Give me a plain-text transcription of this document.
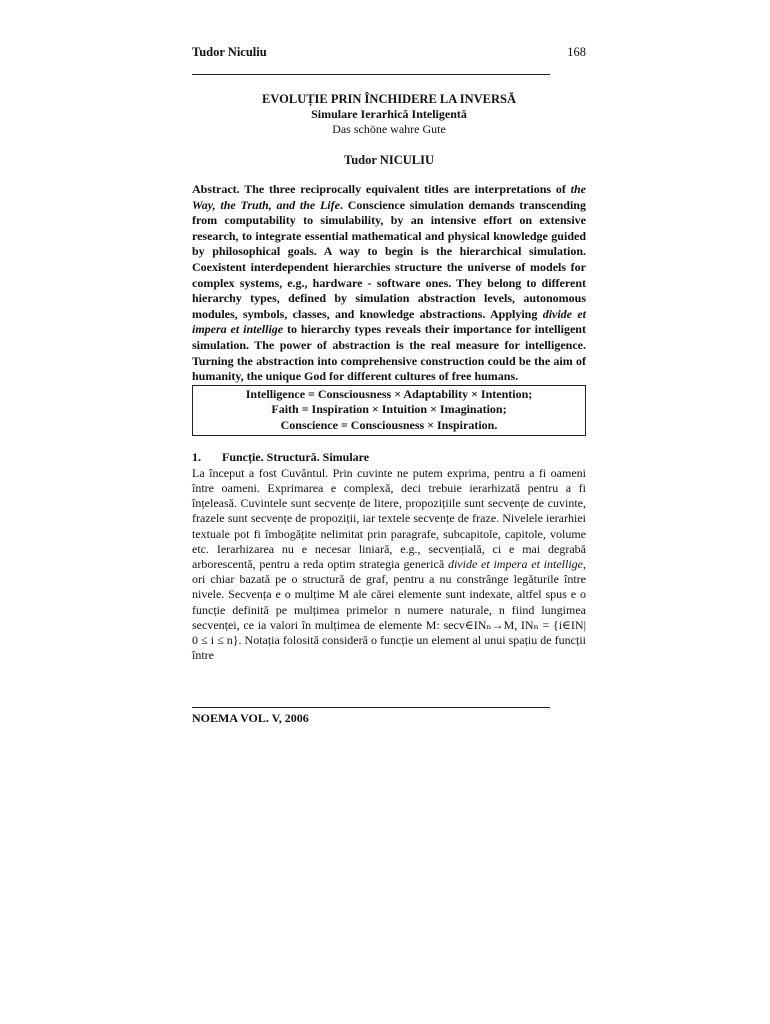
Tudor Niculiu	168
EVOLUȚIE PRIN ÎNCHIDERE LA INVERSĂ
Simulare Ierarhică Inteligentă
Das schöne wahre Gute
Tudor NICULIU
Abstract. The three reciprocally equivalent titles are interpretations of the Way, the Truth, and the Life. Conscience simulation demands transcending from computability to simulability, by an intensive effort on extensive research, to integrate essential mathematical and physical knowledge guided by philosophical goals. A way to begin is the hierarchical simulation. Coexistent interdependent hierarchies structure the universe of models for complex systems, e.g., hardware - software ones. They belong to different hierarchy types, defined by simulation abstraction levels, autonomous modules, symbols, classes, and knowledge abstractions. Applying divide et impera et intellige to hierarchy types reveals their importance for intelligent simulation. The power of abstraction is the real measure for intelligence. Turning the abstraction into comprehensive construction could be the aim of humanity, the unique God for different cultures of free humans.
Intelligence = Consciousness × Adaptability × Intention;
Faith = Inspiration × Intuition × Imagination;
Conscience = Consciousness × Inspiration.
1. Funcție. Structură. Simulare
La început a fost Cuvântul. Prin cuvinte ne putem exprima, pentru a fi oameni între oameni. Exprimarea e complexă, deci trebuie ierarhizată pentru a fi înțeleasă. Cuvintele sunt secvențe de litere, propozițiile sunt secvențe de cuvinte, frazele sunt secvențe de propoziții, iar textele secvențe de fraze. Nivelele ierarhiei textuale pot fi îmbogățite nelimitat prin paragrafe, subcapitole, capitole, volume etc. Ierarhizarea nu e necesar liniară, e.g., secvențială, ci e mai degrabă arborescentă, pentru a reda optim strategia generică divide et impera et intellige, ori chiar bazată pe o structură de graf, pentru a nu constrânge legăturile între nivele. Secvența e o mulțime M ale cărei elemente sunt indexate, altfel spus e o funcție definită pe mulțimea primelor n numere naturale, n fiind lungimea secvenței, ce ia valori în mulțimea de elemente M: secv∈INₙ→M, INₙ = {i∈IN| 0 ≤ i ≤ n}. Notația folosită consideră o funcție un element al unui spațiu de funcții între
NOEMA VOL. V, 2006
